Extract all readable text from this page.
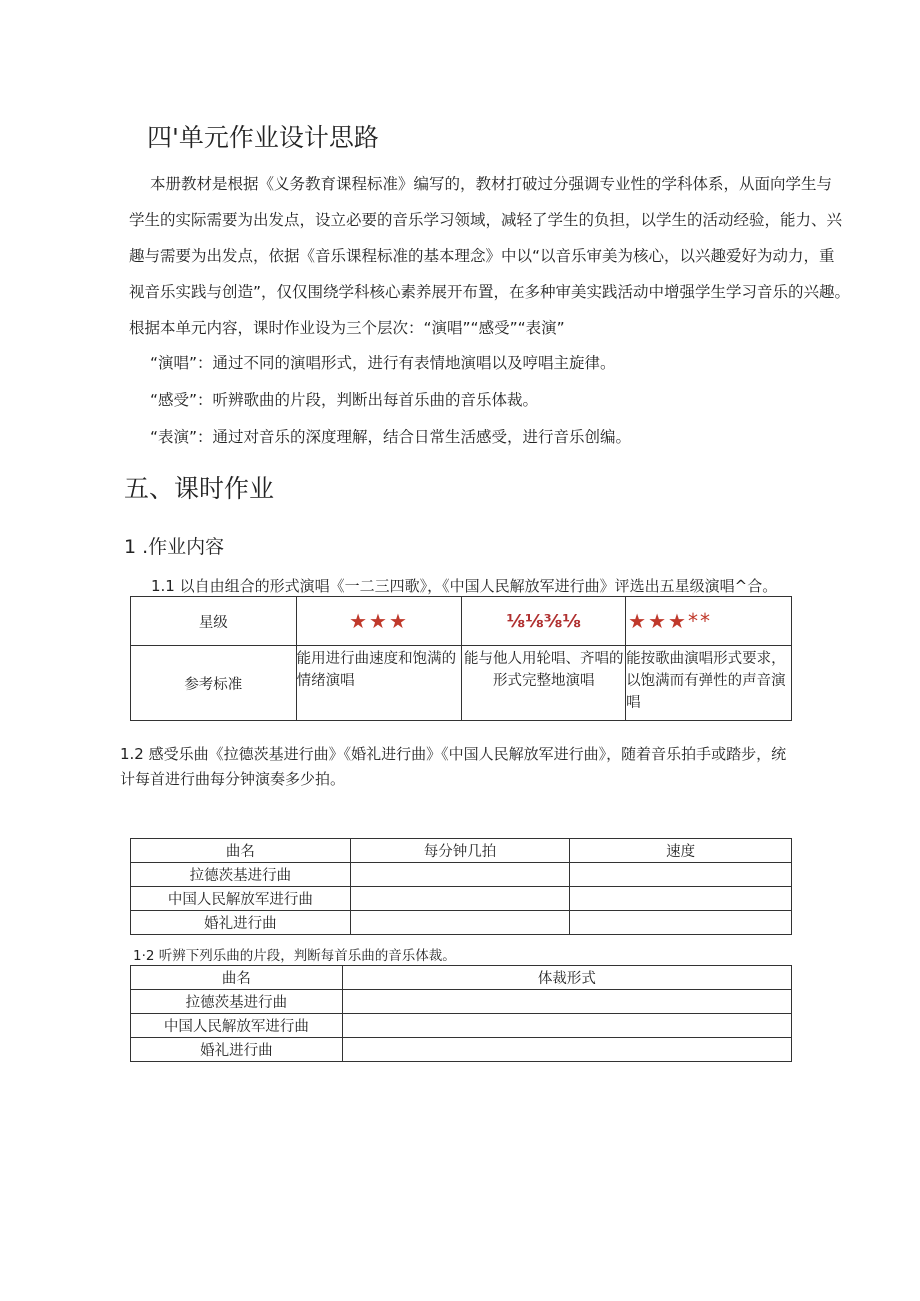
四'单元作业设计思路

本册教材是根据《义务教育课程标准》编写的，教材打破过分强调专业性的学科体系，从面向学生与

学生的实际需要为出发点，设立必要的音乐学习领域，减轻了学生的负担，以学生的活动经验，能力、兴

趣与需要为出发点，依据《音乐课程标准的基本理念》中以“以音乐审美为核心，以兴趣爱好为动力，重

视音乐实践与创造”，仅仅围绕学科核心素养展开布置，在多种审美实践活动中增强学生学习音乐的兴趣。

根据本单元内容，课时作业设为三个层次：“演唱”“感受”“表演”

“演唱”：通过不同的演唱形式，进行有表情地演唱以及哼唱主旋律。

“感受”：听辨歌曲的片段，判断出每首乐曲的音乐体裁。

“表演”：通过对音乐的深度理解，结合日常生活感受，进行音乐创编。

五、课时作业
1 .作业内容

1.1 以自由组合的形式演唱《一二三四歌》，《中国人民解放军进行曲》评选出五星级演唱^合。

星级	★★★	⅛⅛⅜⅛	★★★**
参考标准	能用进行曲速度和饱满的情绪演唱	能与他人用轮唱、齐唱的形式完整地演唱	能按歌曲演唱形式要求，以饱满而有弹性的声音演唱

1.2 感受乐曲《拉德茨基进行曲》《婚礼进行曲》《中国人民解放军进行曲》，随着音乐拍手或踏步，统计每首进行曲每分钟演奏多少拍。

曲名	每分钟几拍	速度
拉德茨基进行曲		
中国人民解放军进行曲		
婚礼进行曲		

1·2 听辨下列乐曲的片段，判断每首乐曲的音乐体裁。

曲名	体裁形式
拉德茨基进行曲	
中国人民解放军进行曲	
婚礼进行曲	
